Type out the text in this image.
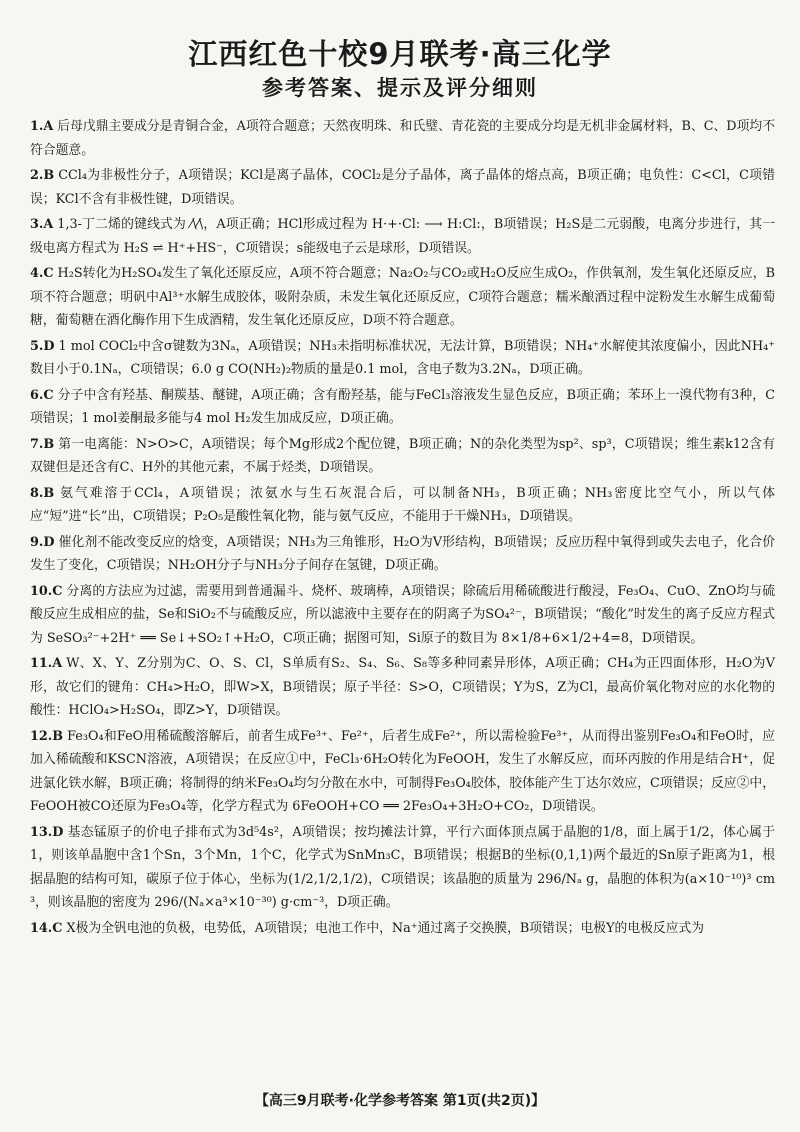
江西红色十校9月联考·高三化学
参考答案、提示及评分细则

1.A 后母戊鼎主要成分是青铜合金，A项符合题意；天然夜明珠、和氏璧、青花瓷的主要成分均是无机非金属材料，B、C、D项均不符合题意。

2.B CCl₄为非极性分子，A项错误；KCl是离子晶体，COCl₂是分子晶体，离子晶体的熔点高，B项正确；电负性：C<Cl，C项错误；KCl不含有非极性键，D项错误。

3.A 1,3-丁二烯的键线式为 ⁄\⁄\，A项正确；HCl形成过程为 H·+·Cl: ⟶ H:Cl:，B项错误；H₂S是二元弱酸，电离分步进行，其一级电离方程式为 H₂S ⇌ H⁺+HS⁻，C项错误；s能级电子云是球形，D项错误。

4.C H₂S转化为H₂SO₄发生了氧化还原反应，A项不符合题意；Na₂O₂与CO₂或H₂O反应生成O₂，作供氧剂，发生氧化还原反应，B项不符合题意；明矾中Al³⁺水解生成胶体，吸附杂质，未发生氧化还原反应，C项符合题意；糯米酿酒过程中淀粉发生水解生成葡萄糖，葡萄糖在酒化酶作用下生成酒精，发生氧化还原反应，D项不符合题意。

5.D 1 mol COCl₂中含σ键数为3Nₐ，A项错误；NH₃未指明标准状况，无法计算，B项错误；NH₄⁺水解使其浓度偏小，因此NH₄⁺数目小于0.1Nₐ，C项错误；6.0 g CO(NH₂)₂物质的量是0.1 mol，含电子数为3.2Nₐ，D项正确。

6.C 分子中含有羟基、酮羰基、醚键，A项正确；含有酚羟基，能与FeCl₃溶液发生显色反应，B项正确；苯环上一溴代物有3种，C项错误；1 mol姜酮最多能与4 mol H₂发生加成反应，D项正确。

7.B 第一电离能：N>O>C，A项错误；每个Mg形成2个配位键，B项正确；N的杂化类型为sp²、sp³，C项错误；维生素k12含有双键但是还含有C、H外的其他元素，不属于烃类，D项错误。

8.B 氨气难溶于CCl₄，A项错误；浓氨水与生石灰混合后，可以制备NH₃，B项正确；NH₃密度比空气小，所以气体应“短”进“长”出，C项错误；P₂O₅是酸性氧化物，能与氨气反应，不能用于干燥NH₃，D项错误。

9.D 催化剂不能改变反应的焓变，A项错误；NH₃为三角锥形，H₂O为V形结构，B项错误；反应历程中氧得到或失去电子，化合价发生了变化，C项错误；NH₂OH分子与NH₃分子间存在氢键，D项正确。

10.C 分离的方法应为过滤，需要用到普通漏斗、烧杯、玻璃棒，A项错误；除硫后用稀硫酸进行酸浸，Fe₃O₄、CuO、ZnO均与硫酸反应生成相应的盐，Se和SiO₂不与硫酸反应，所以滤液中主要存在的阴离子为SO₄²⁻，B项错误；“酸化”时发生的离子反应方程式为 SeSO₃²⁻+2H⁺ ══ Se↓+SO₂↑+H₂O，C项正确；据图可知，Si原子的数目为 8×1/8+6×1/2+4=8，D项错误。

11.A W、X、Y、Z分别为C、O、S、Cl，S单质有S₂、S₄、S₆、S₈等多种同素异形体，A项正确；CH₄为正四面体形，H₂O为V形，故它们的键角：CH₄>H₂O，即W>X，B项错误；原子半径：S>O，C项错误；Y为S，Z为Cl，最高价氧化物对应的水化物的酸性：HClO₄>H₂SO₄，即Z>Y，D项错误。

12.B Fe₃O₄和FeO用稀硫酸溶解后，前者生成Fe³⁺、Fe²⁺，后者生成Fe²⁺，所以需检验Fe³⁺，从而得出鉴别Fe₃O₄和FeO时，应加入稀硫酸和KSCN溶液，A项错误；在反应①中，FeCl₃·6H₂O转化为FeOOH，发生了水解反应，而环丙胺的作用是结合H⁺，促进氯化铁水解，B项正确；将制得的纳米Fe₃O₄均匀分散在水中，可制得Fe₃O₄胶体，胶体能产生丁达尔效应，C项错误；反应②中，FeOOH被CO还原为Fe₃O₄等，化学方程式为 6FeOOH+CO ══ 2Fe₃O₄+3H₂O+CO₂，D项错误。

13.D 基态锰原子的价电子排布式为3d⁵4s²，A项错误；按均摊法计算，平行六面体顶点属于晶胞的1/8，面上属于1/2，体心属于1，则该单晶胞中含1个Sn，3个Mn，1个C，化学式为SnMn₃C，B项错误；根据B的坐标(0,1,1)两个最近的Sn原子距离为1，根据晶胞的结构可知，碳原子位于体心，坐标为(1/2,1/2,1/2)，C项错误；该晶胞的质量为 296/Nₐ g，晶胞的体积为(a×10⁻¹⁰)³ cm³，则该晶胞的密度为 296/(Nₐ×a³×10⁻³⁰) g·cm⁻³，D项正确。

14.C X极为全钒电池的负极，电势低，A项错误；电池工作中，Na⁺通过离子交换膜，B项错误；电极Y的电极反应式为

【高三9月联考·化学参考答案 第1页(共2页)】
